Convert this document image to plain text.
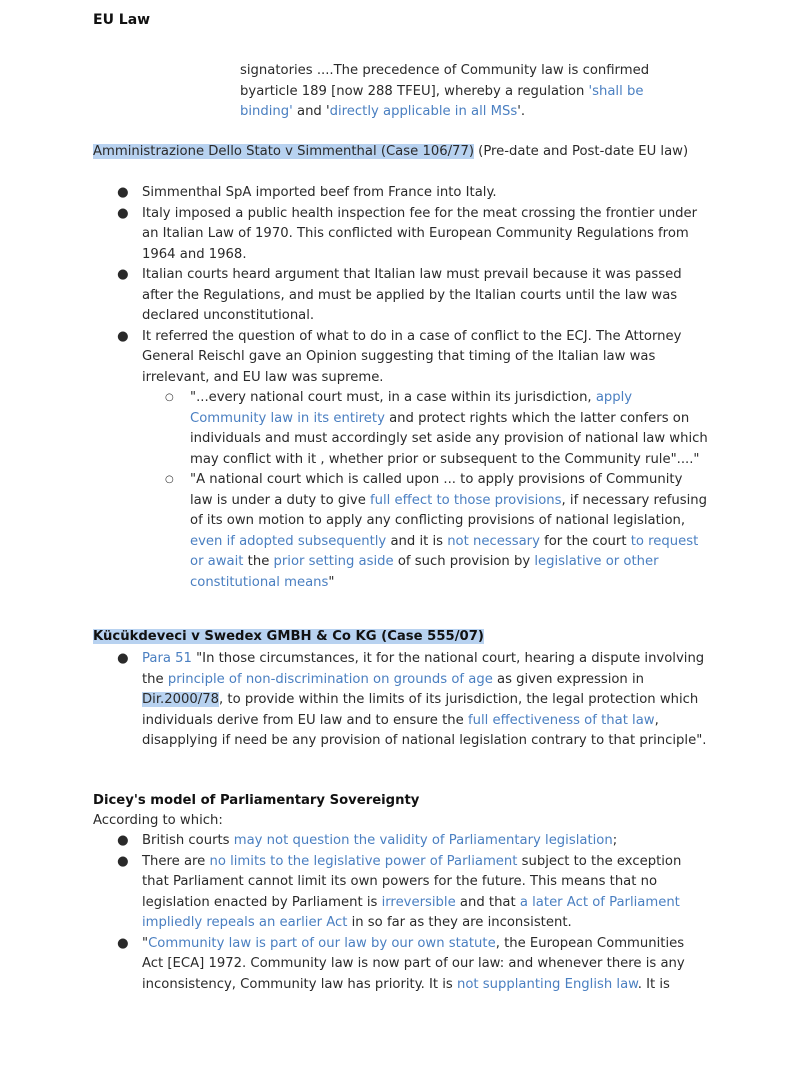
EU Law

signatories ....The precedence of Community law is confirmed byarticle 189 [now 288 TFEU], whereby a regulation 'shall be binding' and 'directly applicable in all MSs'.

Amministrazione Dello Stato v Simmenthal (Case 106/77) (Pre-date and Post-date EU law)

● Simmenthal SpA imported beef from France into Italy.
● Italy imposed a public health inspection fee for the meat crossing the frontier under an Italian Law of 1970. This conflicted with European Community Regulations from 1964 and 1968.
● Italian courts heard argument that Italian law must prevail because it was passed after the Regulations, and must be applied by the Italian courts until the law was declared unconstitutional.
● It referred the question of what to do in a case of conflict to the ECJ. The Attorney General Reischl gave an Opinion suggesting that timing of the Italian law was irrelevant, and EU law was supreme.
○ "...every national court must, in a case within its jurisdiction, apply Community law in its entirety and protect rights which the latter confers on individuals and must accordingly set aside any provision of national law which may conflict with it , whether prior or subsequent to the Community rule"...."
○ "A national court which is called upon ... to apply provisions of Community law is under a duty to give full effect to those provisions, if necessary refusing of its own motion to apply any conflicting provisions of national legislation, even if adopted subsequently and it is not necessary for the court to request or await the prior setting aside of such provision by legislative or other constitutional means"

Kücükdeveci v Swedex GMBH & Co KG (Case 555/07)

● Para 51 "In those circumstances, it for the national court, hearing a dispute involving the principle of non-discrimination on grounds of age as given expression in Dir.2000/78, to provide within the limits of its jurisdiction, the legal protection which individuals derive from EU law and to ensure the full effectiveness of that law, disapplying if need be any provision of national legislation contrary to that principle".

Dicey's model of Parliamentary Sovereignty

According to which:

● British courts may not question the validity of Parliamentary legislation;
● There are no limits to the legislative power of Parliament subject to the exception that Parliament cannot limit its own powers for the future. This means that no legislation enacted by Parliament is irreversible and that a later Act of Parliament impliedly repeals an earlier Act in so far as they are inconsistent.
● "Community law is part of our law by our own statute, the European Communities Act [ECA] 1972. Community law is now part of our law: and whenever there is any inconsistency, Community law has priority. It is not supplanting English law. It is
